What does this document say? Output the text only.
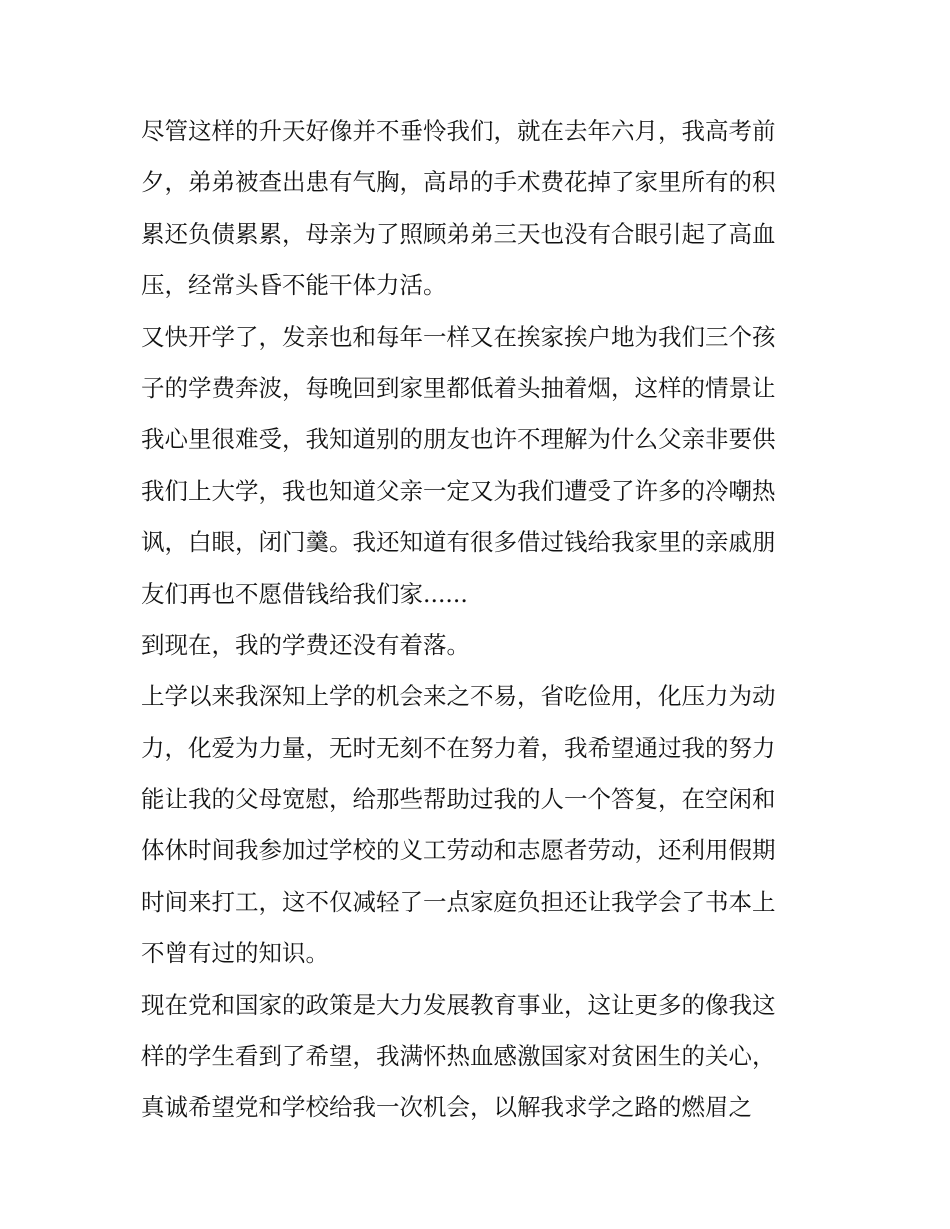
尽管这样的升天好像并不垂怜我们，就在去年六月，我高考前
夕，弟弟被查出患有气胸，高昂的手术费花掉了家里所有的积
累还负债累累，母亲为了照顾弟弟三天也没有合眼引起了高血
压，经常头昏不能干体力活。
又快开学了，发亲也和每年一样又在挨家挨户地为我们三个孩
子的学费奔波，每晚回到家里都低着头抽着烟，这样的情景让
我心里很难受，我知道别的朋友也许不理解为什么父亲非要供
我们上大学，我也知道父亲一定又为我们遭受了许多的冷嘲热
讽，白眼，闭门羹。我还知道有很多借过钱给我家里的亲戚朋
友们再也不愿借钱给我们家......
到现在，我的学费还没有着落。
上学以来我深知上学的机会来之不易，省吃俭用，化压力为动
力，化爱为力量，无时无刻不在努力着，我希望通过我的努力
能让我的父母宽慰，给那些帮助过我的人一个答复，在空闲和
体休时间我参加过学校的义工劳动和志愿者劳动，还利用假期
时间来打工，这不仅减轻了一点家庭负担还让我学会了书本上
不曾有过的知识。
现在党和国家的政策是大力发展教育事业，这让更多的像我这
样的学生看到了希望，我满怀热血感激国家对贫困生的关心，
真诚希望党和学校给我一次机会，以解我求学之路的燃眉之
